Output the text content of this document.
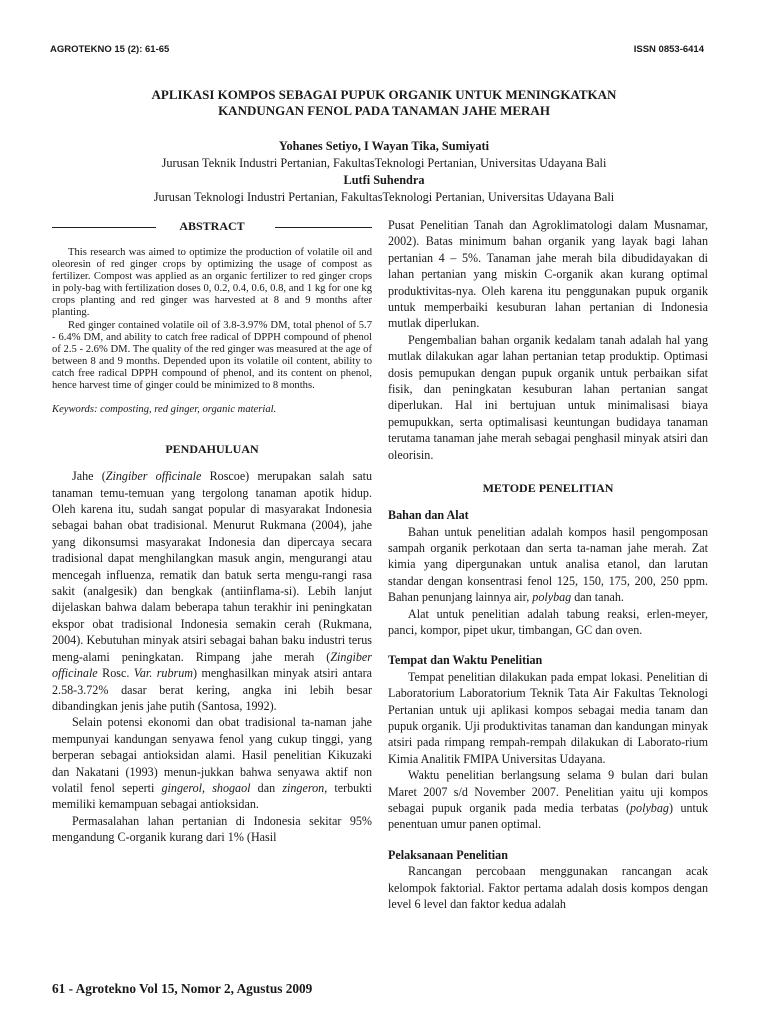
AGROTEKNO 15 (2): 61-65	ISSN 0853-6414
APLIKASI KOMPOS SEBAGAI PUPUK ORGANIK UNTUK MENINGKATKAN
KANDUNGAN FENOL PADA TANAMAN JAHE MERAH
Yohanes Setiyo, I Wayan Tika, Sumiyati
Jurusan Teknik Industri Pertanian, FakultasTeknologi Pertanian, Universitas Udayana Bali
Lutfi Suhendra
Jurusan Teknologi Industri Pertanian, FakultasTeknologi Pertanian, Universitas Udayana Bali
ABSTRACT

This research was aimed to optimize the production of volatile oil and oleoresin of red ginger crops by optimizing the usage of compost as fertilizer. Compost was applied as an organic fertilizer to red ginger crops in poly-bag with fertilization doses 0, 0.2, 0.4, 0.6, 0.8, and 1 kg for one kg crops planting and red ginger was harvested at 8 and 9 months after planting.

Red ginger contained volatile oil of 3.8-3.97% DM, total phenol of 5.7 - 6.4% DM, and ability to catch free radical of DPPH compound of phenol of 2.5 - 2.6% DM. The quality of the red ginger was measured at the age of between 8 and 9 months. Depended upon its volatile oil content, ability to catch free radical DPPH compound of phenol, and its content on phenol, hence harvest time of ginger could be minimized to 8 months.

Keywords: composting, red ginger, organic material.

PENDAHULUAN

Jahe (Zingiber officinale Roscoe) merupakan salah satu tanaman temu-temuan yang tergolong tanaman apotik hidup. Oleh karena itu, sudah sangat popular di masyarakat Indonesia sebagai bahan obat tradisional. Menurut Rukmana (2004), jahe yang dikonsumsi masyarakat Indonesia dan dipercaya secara tradisional dapat menghilangkan masuk angin, mengurangi atau mencegah influenza, rematik dan batuk serta mengu-rangi rasa sakit (analgesik) dan bengkak (antiinflama-si). Lebih lanjut dijelaskan bahwa dalam beberapa tahun terakhir ini peningkatan ekspor obat tradisional Indonesia semakin cerah (Rukmana, 2004). Kebutuhan minyak atsiri sebagai bahan baku industri terus meng-alami peningkatan. Rimpang jahe merah (Zingiber officinale Rosc. Var. rubrum) menghasilkan minyak atsiri antara 2.58-3.72% dasar berat kering, angka ini lebih besar dibandingkan jenis jahe putih (Santosa, 1992).

Selain potensi ekonomi dan obat tradisional ta-naman jahe mempunyai kandungan senyawa fenol yang cukup tinggi, yang berperan sebagai antioksidan alami. Hasil penelitian Kikuzaki dan Nakatani (1993) menun-jukkan bahwa senyawa aktif non volatil fenol seperti gingerol, shogaol dan zingeron, terbukti memiliki kemampuan sebagai antioksidan.

Permasalahan lahan pertanian di Indonesia sekitar 95% mengandung C-organik kurang dari 1% (Hasil

Pusat Penelitian Tanah dan Agroklimatologi dalam Musnamar, 2002). Batas minimum bahan organik yang layak bagi lahan pertanian 4 – 5%. Tanaman jahe merah bila dibudidayakan di lahan pertanian yang miskin C-organik akan kurang optimal produktivitas-nya. Oleh karena itu penggunakan pupuk organik untuk memperbaiki kesuburan lahan pertanian di Indonesia mutlak diperlukan.

Pengembalian bahan organik kedalam tanah adalah hal yang mutlak dilakukan agar lahan pertanian tetap produktip. Optimasi dosis pemupukan dengan pupuk organik untuk perbaikan sifat fisik, dan peningkatan kesuburan lahan pertanian sangat diperlukan. Hal ini bertujuan untuk minimalisasi biaya pemupukkan, serta optimalisasi keuntungan budidaya tanaman terutama tanaman jahe merah sebagai penghasil minyak atsiri dan oleorisin.

METODE PENELITIAN
Bahan dan Alat

Bahan untuk penelitian adalah kompos hasil pengomposan sampah organik perkotaan dan serta ta-naman jahe merah. Zat kimia yang dipergunakan untuk analisa etanol, dan larutan standar dengan konsentrasi fenol 125, 150, 175, 200, 250 ppm. Bahan penunjang lainnya air, polybag dan tanah.

Alat untuk penelitian adalah tabung reaksi, erlen-meyer, panci, kompor, pipet ukur, timbangan, GC dan oven.

Tempat dan Waktu Penelitian

Tempat penelitian dilakukan pada empat lokasi. Penelitian di Laboratorium Laboratorium Teknik Tata Air Fakultas Teknologi Pertanian untuk uji aplikasi kompos sebagai media tanam dan pupuk organik. Uji produktivitas tanaman dan kandungan minyak atsiri pada rimpang rempah-rempah dilakukan di Laborato-rium Kimia Analitik FMIPA Universitas Udayana.

Waktu penelitian berlangsung selama 9 bulan dari bulan Maret 2007 s/d November 2007. Penelitian yaitu uji kompos sebagai pupuk organik pada media terbatas (polybag) untuk penentuan umur panen optimal.

Pelaksanaan Penelitian

Rancangan percobaan menggunakan rancangan acak kelompok faktorial. Faktor pertama adalah dosis kompos dengan level 6 level dan faktor kedua adalah

61 - Agrotekno Vol 15, Nomor 2, Agustus 2009
